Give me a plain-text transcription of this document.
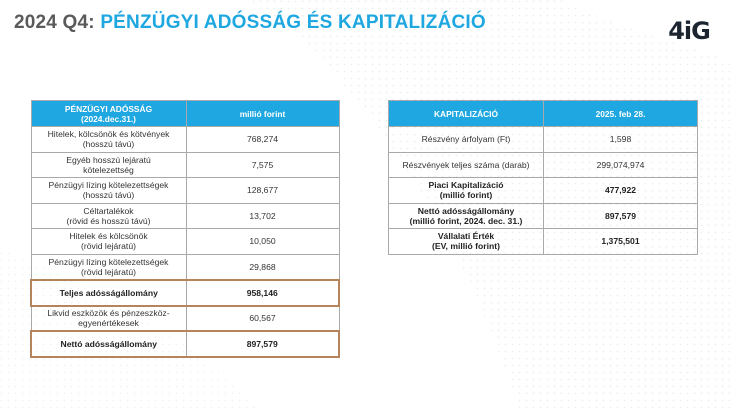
2024 Q4: PÉNZÜGYI ADÓSSÁG ÉS KAPITALIZÁCIÓ	4iG
PÉNZÜGYI ADÓSSÁG
(2024.dec.31.)	millió forint
Hitelek, kölcsönök és kötvények
(hosszú távú)	768,274
Egyéb hosszú lejáratú
kötelezettség	7,575
Pénzügyi lízing kötelezettségek
(hosszú távú)	128,677
Céltartalékok
(rövid és hosszú távú)	13,702
Hitelek és kölcsönök
(rövid lejáratú)	10,050
Pénzügyi lízing kötelezettségek
(rövid lejáratú)	29,868
Teljes adósságállomány	958,146
Likvid eszközök és pénzeszköz-
egyenértékesek	60,567
Nettó adósságállomány	897,579
KAPITALIZÁCIÓ	2025. feb 28.
Részvény árfolyam (Ft)	1,598
Részvények teljes száma (darab)	299,074,974
Piaci Kapitalizáció
(millió forint)	477,922
Nettó adósságállomány
(millió forint, 2024. dec. 31.)	897,579
Vállalati Érték
(EV, millió forint)	1,375,501
